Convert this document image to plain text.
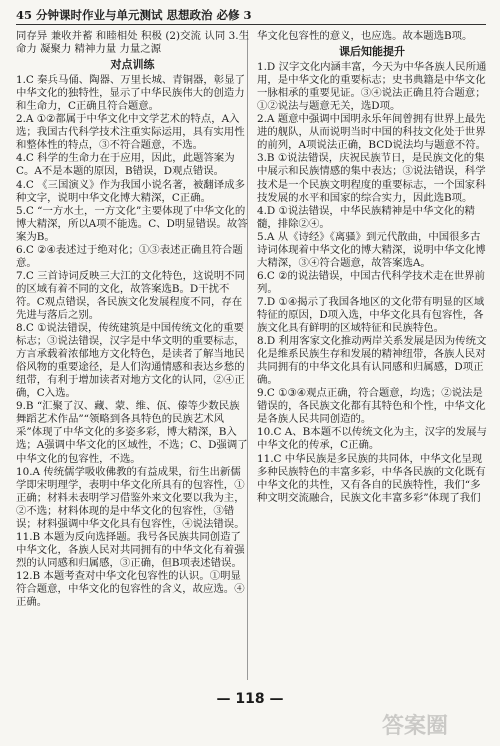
45 分钟课时作业与单元测试 思想政治 必修 3

同存异 兼收并蓄 和睦相处 积极 (2)交流 认同 3.生命力 凝聚力 精神力量 力量之源

对点训练

1.C 秦兵马俑、陶器、万里长城、青铜器，彰显了中华文化的独特性，显示了中华民族伟大的创造力和生命力，C正确且符合题意。

2.A ①②都属于中华文化中文学艺术的特点，A入选；我国古代科学技术注重实际运用，具有实用性和整体性的特点，③不符合题意，不选。

4.C 科学的生命力在于应用，因此，此题答案为C。A不是本题的原因，B错误，D观点错误。

4.C 《三国演义》作为我国小说名著，被翻译成多种文字，说明中华文化博大精深，C正确。

5.C “一方水土，一方文化”主要体现了中华文化的博大精深，所以A项不能选。C、D明显错误。故答案为B。

6.C ②④表述过于绝对化；①③表述正确且符合题意。

7.C 三首诗词反映三大江的文化特色，这说明不同的区域有着不同的文化，故答案选B。D干扰不符。C观点错误，各民族文化发展程度不同，存在先进与落后之别。

8.C ①说法错误，传统建筑是中国传统文化的重要标志；③说法错误，汉字是中华文明的重要标志，方言承载着浓郁地方文化特色，是读者了解当地民俗风物的重要途径，是人们沟通情感和表达乡愁的纽带，有利于增加读者对地方文化的认同，②④正确，C入选。

9.B “汇聚了汉、藏、蒙、维、佤、傣等少数民族舞蹈艺术作品”“领略到各具特色的民族艺术风采”体现了中华文化的多姿多彩，博大精深，B入选；A强调中华文化的区域性，不选；C、D强调了中华文化的包容性，不选。

10.A 传统儒学吸收佛教的有益成果，衍生出新儒学即宋明理学，表明中华文化所具有的包容性，①正确；材料未表明学习借鉴外来文化要以我为主，②不选；材料体现的是中华文化的包容性，③错误；材料强调中华文化具有包容性，④说法错误。

11.B 本题为反向选择题。我号各民族共同创造了中华文化，各族人民对共同拥有的中华文化有着强烈的认同感和归属感，③正确，但B项表述错误。

12.B 本题考查对中华文化包容性的认识。①明显符合题意，中华文化的包容性的含义，故应选。④正确。

华文化包容性的意义，也应选。故本题选B项。

课后知能提升

1.D 汉字文化内涵丰富，今天为中华各族人民所通用，是中华文化的重要标志；史书典籍是中华文化一脉相承的重要见证。③④说法正确且符合题意；①②说法与题意无关，选D项。

2.A 题意中强调中国明永乐年间曾拥有世界上最先进的舰队，从而说明当时中国的科技文化处于世界的前列，A项说法正确，BCD说法均与题意不符。

3.B ①说法错误，庆祝民族节日，是民族文化的集中展示和民族情感的集中表达；③说法错误，科学技术是一个民族文明程度的重要标志，一个国家科技发展的水平和国家的综合实力，因此选B项。

4.D ①说法错误，中华民族精神是中华文化的精髓，排除②④。

5.A 从《诗经》《离骚》到元代散曲，中国很多古诗词体现着中华文化的博大精深，说明中华文化博大精深，③④符合题意，故答案选A。

6.C ②的说法错误，中国古代科学技术走在世界前列。

7.D ①④揭示了我国各地区的文化带有明显的区域特征的原因，D项入选，中华文化具有包容性，各族文化具有鲜明的区域特征和民族特色。

8.D 利用客家文化推动两岸关系发展是因为传统文化是维系民族生存和发展的精神纽带，各族人民对共同拥有的中华文化具有认同感和归属感，D项正确。

9.C ①③④观点正确，符合题意，均选；②说法是错误的，各民族文化都有其特色和个性，中华文化是各族人民共同创造的。

10.C A、B本题不以传统文化为主，汉字的发展与中华文化的传承，C正确。

11.C 中华民族是多民族的共同体，中华文化呈现多种民族特色的丰富多彩，中华各民族的文化既有中华文化的共性，又有各自的民族特性，我们“多种文明交流融合，民族文化丰富多彩”体现了我们

— 118 —
答案圈
